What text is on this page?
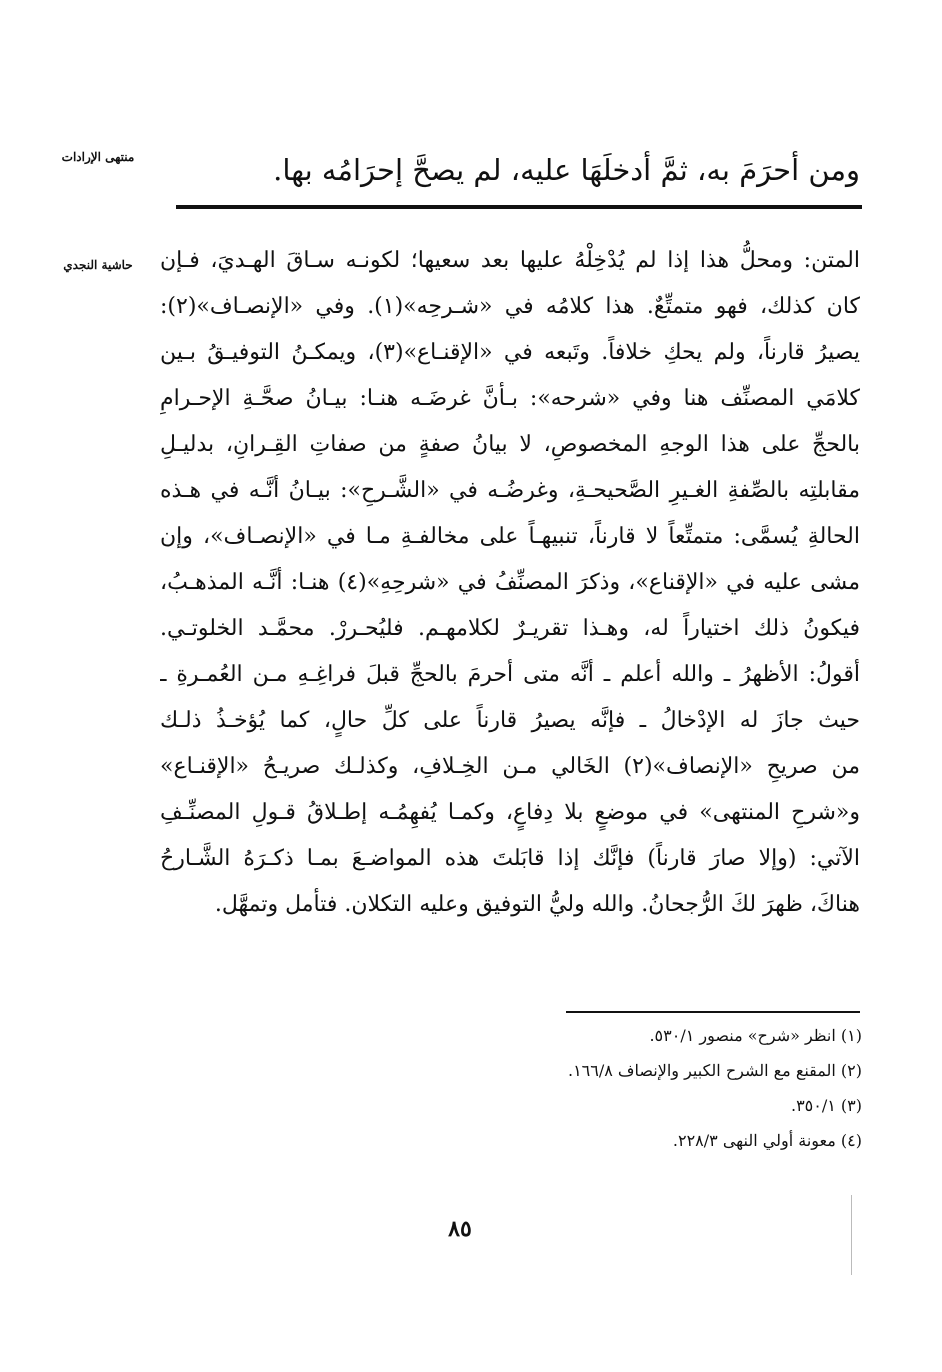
منتهى الإرادات
حاشية النجدي
ومن أحرَمَ به، ثمَّ أدخلَهَا عليه، لم يصحَّ إحرَامُه بها.
المتن: ومحلُّ هذا إذا لم يُدْخِلْهُ عليها بعد سعيها؛ لكونـه سـاقَ الهـديَ، فـإن
كان كذلك، فهو متمتِّعٌ. هذا كلامُه في «شـرحِه»(١). وفي «الإنصـاف»(٢):
يصيرُ قارناً، ولم يحكِ خلافاً. وتَبعه في «الإقنـاع»(٣)، ويمكـنُ التوفيـقُ بـين
كلامَي المصنِّف هنا وفي «شرحه»: بـأنَّ غرضَـه هنـا: بيـانُ صحَّـةِ الإحـرامِ
بالحجِّ على هذا الوجهِ المخصوصِ، لا بيانُ صفةٍ من صفاتِ القِـرانِ، بدليـلِ
مقابلتِه بالصِّفةِ الغـيرِ الصَّحيحـةِ، وغرضُـه في «الشَّـرحِ»: بيـانُ أنَّـه في هـذه
الحالةِ يُسمَّى: متمتِّعاً لا قارناً، تنبيهـاً على مخالفـةِ مـا في «الإنصـاف»، وإن
مشى عليه في «الإقناع»، وذكرَ المصنِّفُ في «شرحِهِ»(٤) هنـا: أنَّـه المذهـبُ،
فيكونُ ذلك اختياراً له، وهـذا تقريـرٌ لكلامهـم. فليُحـررْ. محمَّـد الخلوتـي.
أقولُ: الأظهرُ ـ والله أعلم ـ أنَّه متى أحرمَ بالحجِّ قبلَ فراغِـهِ مـن العُمـرةِ ـ
حيث جازَ له الإدْخالُ ـ فإنَّه يصيرُ قارناً على كلِّ حالٍ، كما يُؤخـذُ ذلـك
من صريحِ «الإنصاف»(٢) الخَالي مـن الخِـلافِ، وكذلـك صريـحُ «الإقنـاع»
و«شرحِ المنتهى» في موضعٍ بلا دِفاعٍ، وكمـا يُفهِمُـه إطـلاقُ قـولِ المصنِّـفِ
الآتي: (وإلا صارَ قارناً) فإنَّك إذا قابَلتَ هذه المواضـعَ بمـا ذكـرَهُ الشَّـارحُ
هناكَ، ظهرَ لكَ الرُّجحانُ. والله وليُّ التوفيق وعليه التكلان. فتأمل وتمهَّل.
(١) انظر «شرح» منصور ٥٣٠/١.
(٢) المقنع مع الشرح الكبير والإنصاف ١٦٦/٨.
(٣) ٣٥٠/١.
(٤) معونة أولي النهى ٢٢٨/٣.
٨٥
